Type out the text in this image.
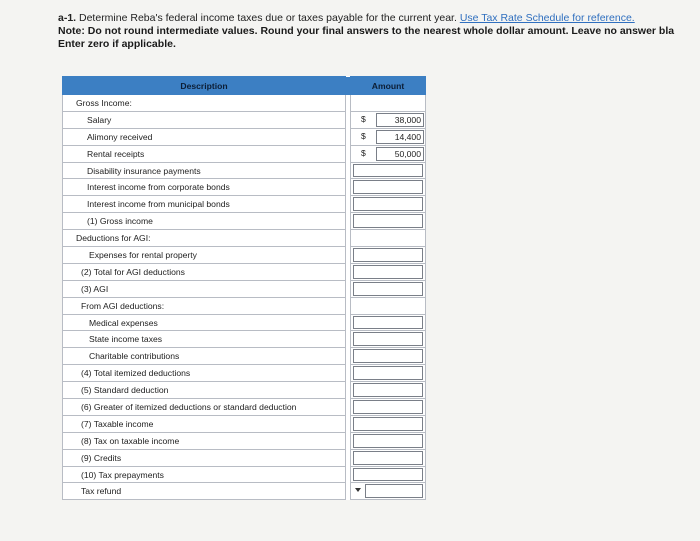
a-1. Determine Reba's federal income taxes due or taxes payable for the current year. Use Tax Rate Schedule for reference.
Note: Do not round intermediate values. Round your final answers to the nearest whole dollar amount. Leave no answer bla
Enter zero if applicable.
Description		Amount
Gross Income:		
Salary		$ 38,000

Alimony received		$ 14,400

Rental receipts		$ 50,000

Disability insurance payments		

Interest income from corporate bonds		

Interest income from municipal bonds		

(1) Gross income		

Deductions for AGI:		
Expenses for rental property		

(2) Total for AGI deductions		

(3) AGI		

From AGI deductions:		
Medical expenses		

State income taxes		

Charitable contributions		

(4) Total itemized deductions		

(5) Standard deduction		

(6) Greater of itemized deductions or standard deduction		

(7) Taxable income		

(8) Tax on taxable income		

(9) Credits		

(10) Tax prepayments		

Tax refund		
